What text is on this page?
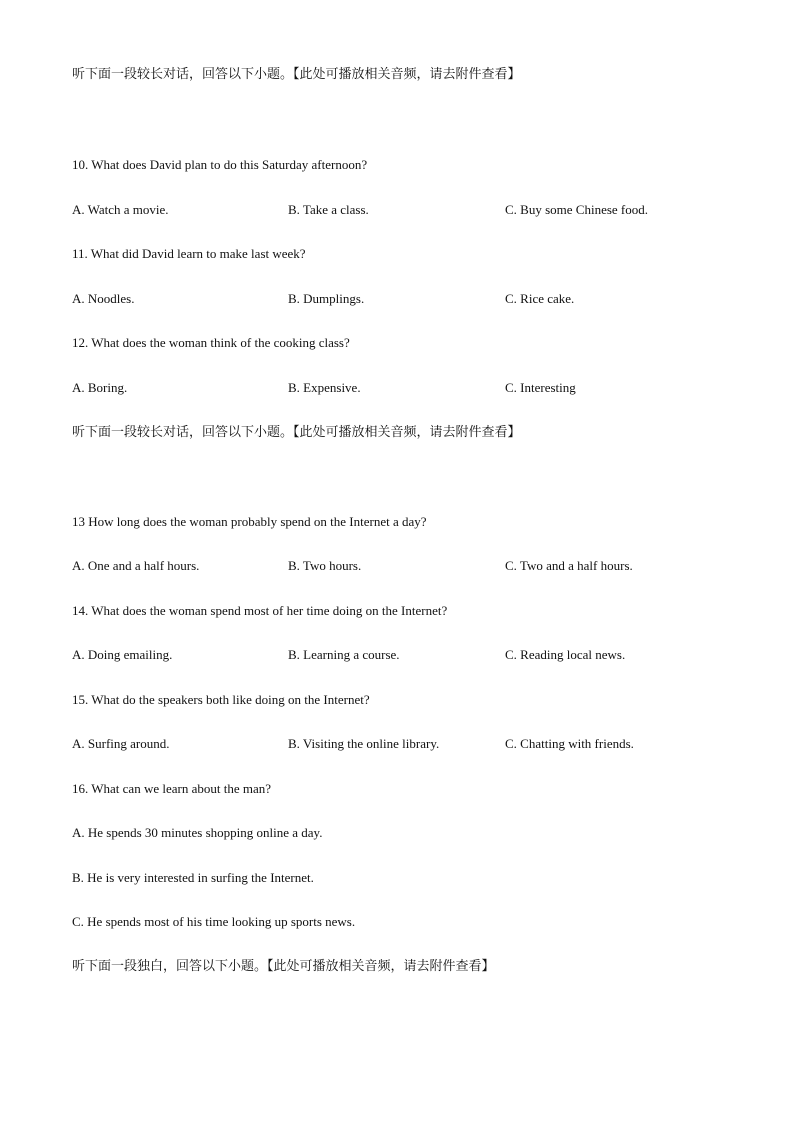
听下面一段较长对话，回答以下小题。【此处可播放相关音频，请去附件查看】
10. What does David plan to do this Saturday afternoon?
A. Watch a movie.	B. Take a class.	C. Buy some Chinese food.
11. What did David learn to make last week?
A. Noodles.	B. Dumplings.	C. Rice cake.
12. What does the woman think of the cooking class?
A. Boring.	B. Expensive.	C. Interesting
听下面一段较长对话，回答以下小题。【此处可播放相关音频，请去附件查看】
13 How long does the woman probably spend on the Internet a day?
A. One and a half hours.	B. Two hours.	C. Two and a half hours.
14. What does the woman spend most of her time doing on the Internet?
A. Doing emailing.	B. Learning a course.	C. Reading local news.
15. What do the speakers both like doing on the Internet?
A. Surfing around.	B. Visiting the online library.	C. Chatting with friends.
16. What can we learn about the man?
A. He spends 30 minutes shopping online a day.
B. He is very interested in surfing the Internet.
C. He spends most of his time looking up sports news.
听下面一段独白，回答以下小题。【此处可播放相关音频，请去附件查看】
